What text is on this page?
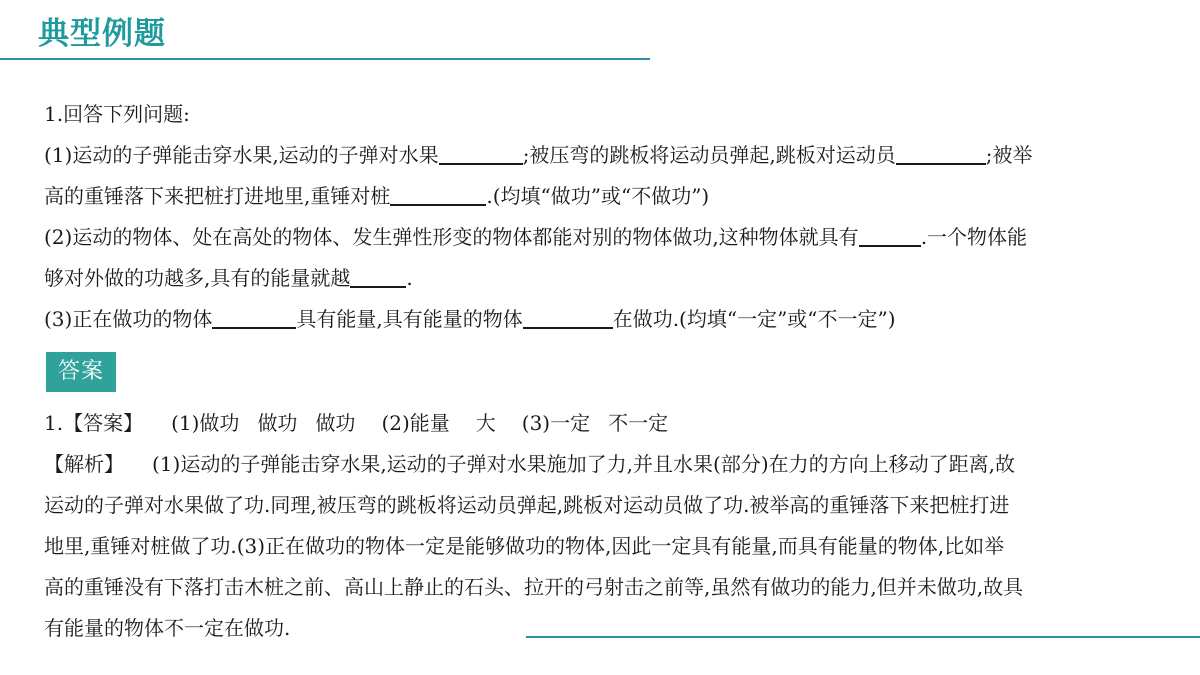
典型例题

1.回答下列问题:

(1)运动的子弹能击穿水果,运动的子弹对水果	;被压弯的跳板将运动员弹起,跳板对运动员	;被举

高的重锤落下来把桩打进地里,重锤对桩	.(均填“做功”或“不做功”)

(2)运动的物体、处在高处的物体、发生弹性形变的物体都能对别的物体做功,这种物体就具有	.一个物体能

够对外做的功越多,具有的能量就越	.

(3)正在做功的物体	具有能量,具有能量的物体	在做功.(均填“一定”或“不一定”)

答案

1.【答案】 (1)做功 做功 做功 (2)能量 大 (3)一定 不一定

【解析】 (1)运动的子弹能击穿水果,运动的子弹对水果施加了力,并且水果(部分)在力的方向上移动了距离,故

运动的子弹对水果做了功.同理,被压弯的跳板将运动员弹起,跳板对运动员做了功.被举高的重锤落下来把桩打进

地里,重锤对桩做了功.(3)正在做功的物体一定是能够做功的物体,因此一定具有能量,而具有能量的物体,比如举

高的重锤没有下落打击木桩之前、高山上静止的石头、拉开的弓射击之前等,虽然有做功的能力,但并未做功,故具

有能量的物体不一定在做功.
